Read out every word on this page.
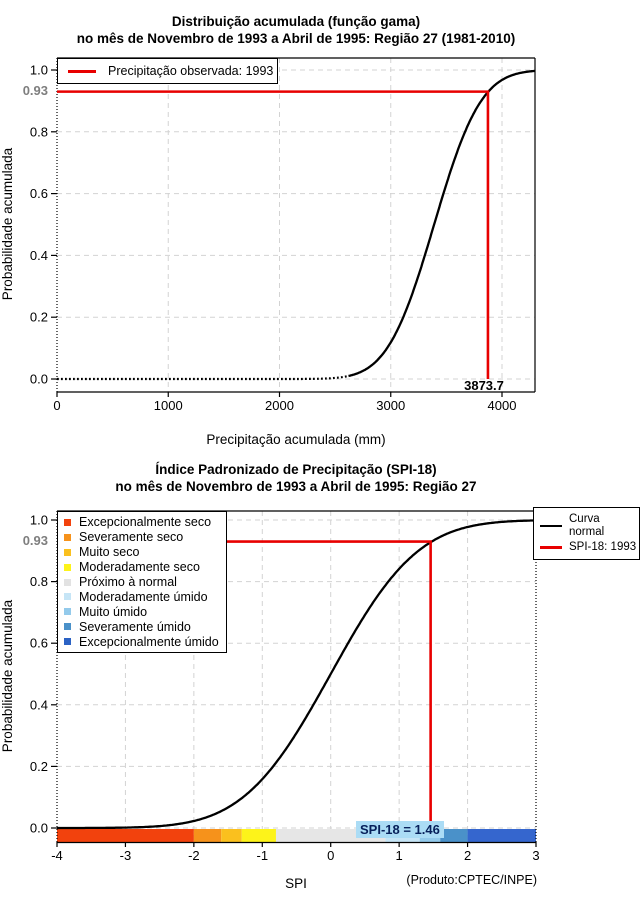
0	1000	2000	3000	4000
0.0
0.2
0.4
0.6
0.8
1.0
-4	-3	-2	-1	0	1	2	3
0.0
0.2
0.4
0.6
0.8
1.0
Distribuição acumulada (função gama)
no mês de Novembro de 1993 a Abril de 1995: Região 27 (1981-2010)
Precipitação observada: 1993
0.93
3873.7
Precipitação acumulada (mm)
Probabilidade acumulada
Índice Padronizado de Precipitação (SPI-18)
no mês de Novembro de 1993 a Abril de 1995: Região 27
0.93
Excepcionalmente seco
Severamente seco
Muito seco
Moderadamente seco
Próximo à normal
Moderadamente úmido
Muito úmido
Severamente úmido
Excepcionalmente úmido
Curva normal
SPI-18: 1993
SPI-18 = 1.46
SPI
Probabilidade acumulada
(Produto:CPTEC/INPE)
